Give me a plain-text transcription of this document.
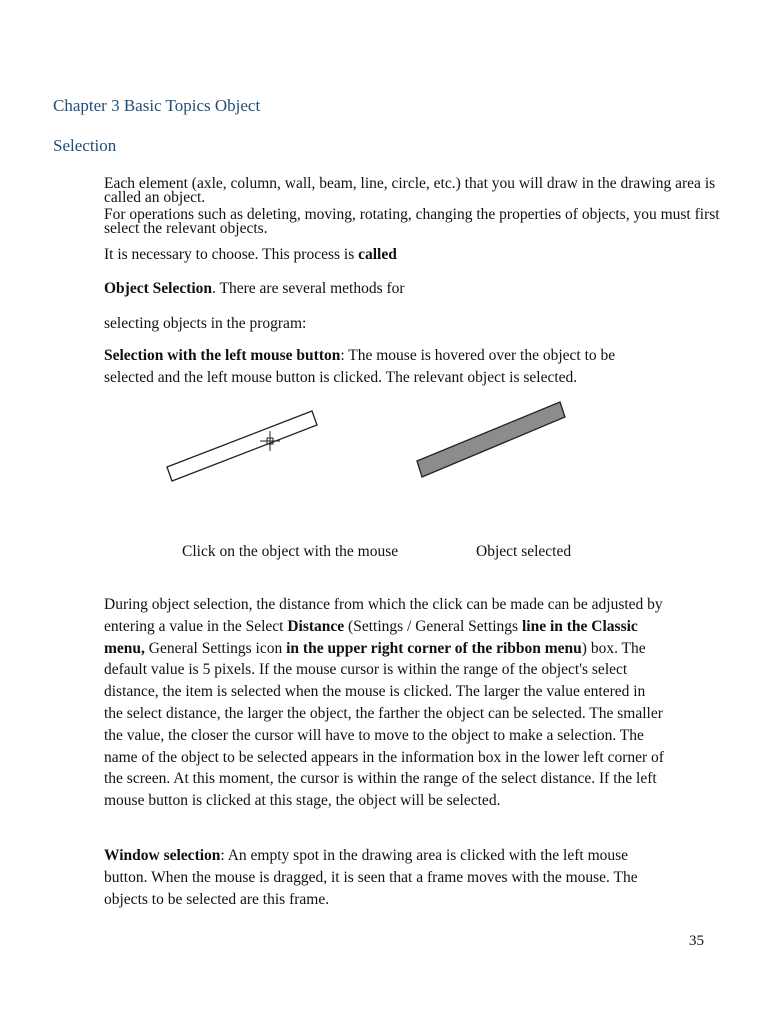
Chapter 3 Basic Topics Object
Selection

Each element (axle, column, wall, beam, line, circle, etc.) that you will draw in the drawing area is called an object.

For operations such as deleting, moving, rotating, changing the properties of objects, you must first select the relevant objects.

It is necessary to choose. This process is called

Object Selection. There are several methods for

selecting objects in the program:

Selection with the left mouse button: The mouse is hovered over the object to be selected and the left mouse button is clicked. The relevant object is selected.

Click on the object with the mouse	Object selected

During object selection, the distance from which the click can be made can be adjusted by entering a value in the Select Distance (Settings / General Settings line in the Classic menu, General Settings icon in the upper right corner of the ribbon menu) box. The default value is 5 pixels. If the mouse cursor is within the range of the object's select distance, the item is selected when the mouse is clicked. The larger the value entered in the select distance, the larger the object, the farther the object can be selected. The smaller the value, the closer the cursor will have to move to the object to make a selection. The name of the object to be selected appears in the information box in the lower left corner of the screen. At this moment, the cursor is within the range of the select distance. If the left mouse button is clicked at this stage, the object will be selected.

Window selection: An empty spot in the drawing area is clicked with the left mouse button. When the mouse is dragged, it is seen that a frame moves with the mouse. The objects to be selected are this frame.

35
